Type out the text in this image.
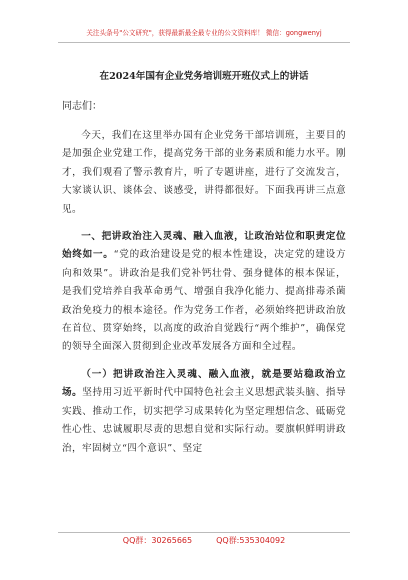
关注头条号"公文研究"，获得最新最全最专业的公文资料库！ 微信：gongwenyj
在2024年国有企业党务培训班开班仪式上的讲话
同志们：
今天，我们在这里举办国有企业党务干部培训班，主要目的是加强企业党建工作，提高党务干部的业务素质和能力水平。刚才，我们观看了警示教育片，听了专题讲座，进行了交流发言，大家谈认识、谈体会、谈感受，讲得都很好。下面我再讲三点意见。
一、把讲政治注入灵魂、融入血液，让政治站位和职责定位始终如一。“党的政治建设是党的根本性建设，决定党的建设方向和效果”。讲政治是我们党补钙壮骨、强身健体的根本保证，是我们党培养自我革命勇气、增强自我净化能力、提高排毒杀菌政治免疫力的根本途径。作为党务工作者，必须始终把讲政治放在首位、贯穿始终，以高度的政治自觉践行“两个维护”，确保党的领导全面深入贯彻到企业改革发展各方面和全过程。
（一）把讲政治注入灵魂、融入血液，就是要站稳政治立场。坚持用习近平新时代中国特色社会主义思想武装头脑、指导实践、推动工作，切实把学习成果转化为坚定理想信念、砥砺党性心性、忠诚履职尽责的思想自觉和实际行动。要旗帜鲜明讲政治，牢固树立“四个意识”、坚定
QQ群：30265665	QQ群:535304092
